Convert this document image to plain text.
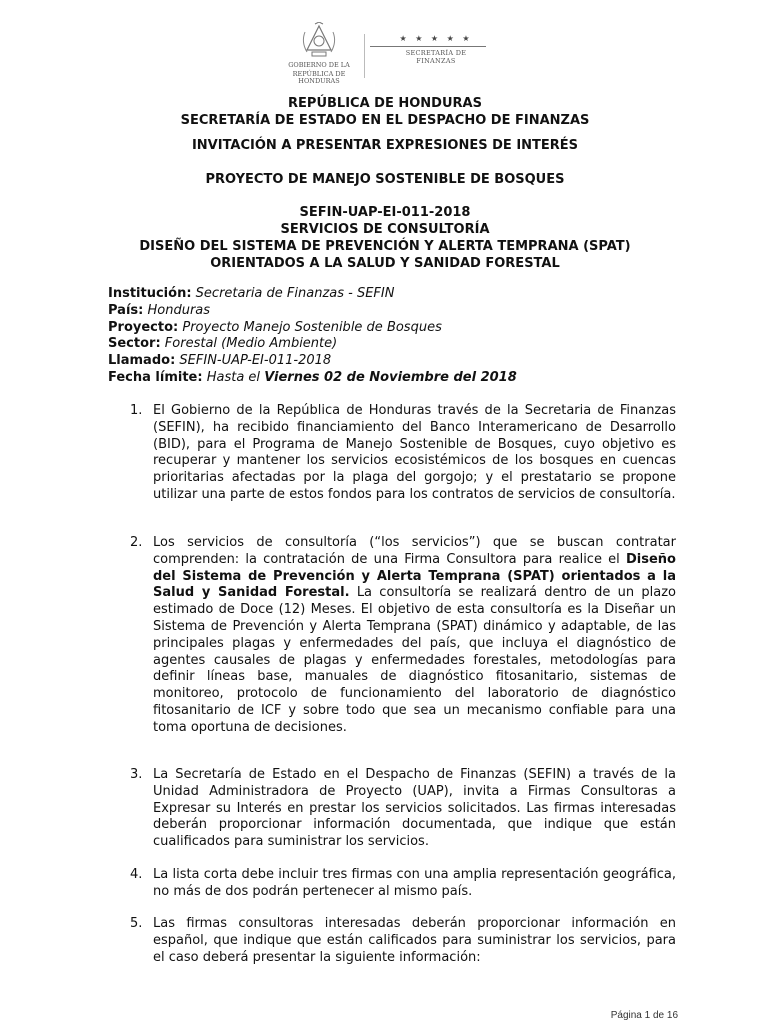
GOBIERNO DE LA
REPÚBLICA DE HONDURAS
★ ★ ★ ★ ★
SECRETARÍA DE FINANZAS
REPÚBLICA DE HONDURAS
SECRETARÍA DE ESTADO EN EL DESPACHO DE FINANZAS
INVITACIÓN A PRESENTAR EXPRESIONES DE INTERÉS
PROYECTO DE MANEJO SOSTENIBLE DE BOSQUES
SEFIN-UAP-EI-011-2018
SERVICIOS DE CONSULTORÍA
DISEÑO DEL SISTEMA DE PREVENCIÓN Y ALERTA TEMPRANA (SPAT)
ORIENTADOS A LA SALUD Y SANIDAD FORESTAL
Institución: Secretaria de Finanzas - SEFIN
País: Honduras
Proyecto: Proyecto Manejo Sostenible de Bosques
Sector: Forestal (Medio Ambiente)
Llamado: SEFIN-UAP-EI-011-2018
Fecha límite: Hasta el Viernes 02 de Noviembre del 2018
1. El Gobierno de la República de Honduras través de la Secretaria de Finanzas (SEFIN), ha recibido financiamiento del Banco Interamericano de Desarrollo (BID), para el Programa de Manejo Sostenible de Bosques, cuyo objetivo es recuperar y mantener los servicios ecosistémicos de los bosques en cuencas prioritarias afectadas por la plaga del gorgojo; y el prestatario se propone utilizar una parte de estos fondos para los contratos de servicios de consultoría.
2. Los servicios de consultoría (“los servicios”) que se buscan contratar comprenden: la contratación de una Firma Consultora para realice el Diseño del Sistema de Prevención y Alerta Temprana (SPAT) orientados a la Salud y Sanidad Forestal. La consultoría se realizará dentro de un plazo estimado de Doce (12) Meses. El objetivo de esta consultoría es la Diseñar un Sistema de Prevención y Alerta Temprana (SPAT) dinámico y adaptable, de las principales plagas y enfermedades del país, que incluya el diagnóstico de agentes causales de plagas y enfermedades forestales, metodologías para definir líneas base, manuales de diagnóstico fitosanitario, sistemas de monitoreo, protocolo de funcionamiento del laboratorio de diagnóstico fitosanitario de ICF y sobre todo que sea un mecanismo confiable para una toma oportuna de decisiones.
3. La Secretaría de Estado en el Despacho de Finanzas (SEFIN) a través de la Unidad Administradora de Proyecto (UAP), invita a Firmas Consultoras a Expresar su Interés en prestar los servicios solicitados. Las firmas interesadas deberán proporcionar información documentada, que indique que están cualificados para suministrar los servicios.
4. La lista corta debe incluir tres firmas con una amplia representación geográfica, no más de dos podrán pertenecer al mismo país.
5. Las firmas consultoras interesadas deberán proporcionar información en español, que indique que están calificados para suministrar los servicios, para el caso deberá presentar la siguiente información:
Página 1 de 16
